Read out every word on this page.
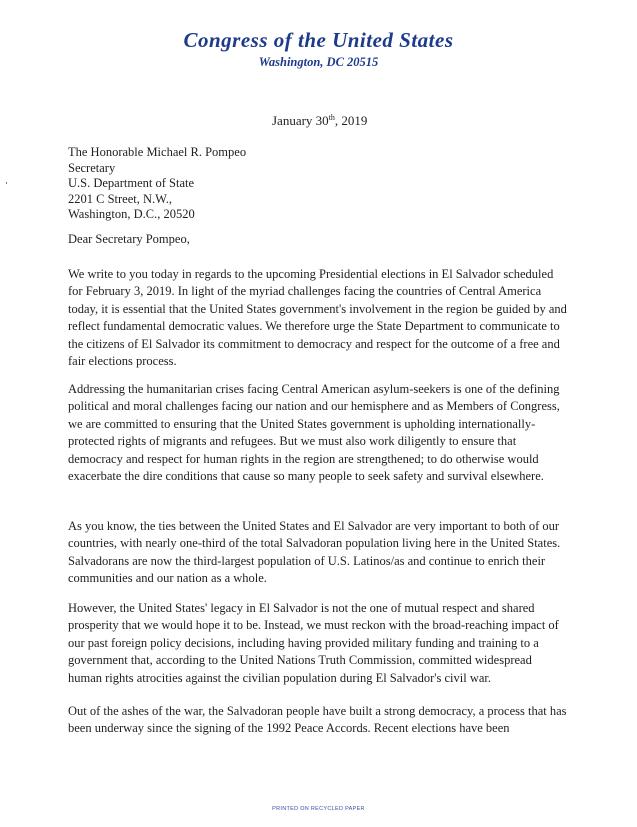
Congress of the United States
Washington, DC 20515
January 30th, 2019
The Honorable Michael R. Pompeo
Secretary
U.S. Department of State
2201 C Street, N.W.,
Washington, D.C., 20520
Dear Secretary Pompeo,

We write to you today in regards to the upcoming Presidential elections in El Salvador scheduled for February 3, 2019. In light of the myriad challenges facing the countries of Central America today, it is essential that the United States government's involvement in the region be guided by and reflect fundamental democratic values. We therefore urge the State Department to communicate to the citizens of El Salvador its commitment to democracy and respect for the outcome of a free and fair elections process.

Addressing the humanitarian crises facing Central American asylum-seekers is one of the defining political and moral challenges facing our nation and our hemisphere and as Members of Congress, we are committed to ensuring that the United States government is upholding internationally-protected rights of migrants and refugees. But we must also work diligently to ensure that democracy and respect for human rights in the region are strengthened; to do otherwise would exacerbate the dire conditions that cause so many people to seek safety and survival elsewhere.

As you know, the ties between the United States and El Salvador are very important to both of our countries, with nearly one-third of the total Salvadoran population living here in the United States. Salvadorans are now the third-largest population of U.S. Latinos/as and continue to enrich their communities and our nation as a whole.

However, the United States' legacy in El Salvador is not the one of mutual respect and shared prosperity that we would hope it to be. Instead, we must reckon with the broad-reaching impact of our past foreign policy decisions, including having provided military funding and training to a government that, according to the United Nations Truth Commission, committed widespread human rights atrocities against the civilian population during El Salvador's civil war.

Out of the ashes of the war, the Salvadoran people have built a strong democracy, a process that has been underway since the signing of the 1992 Peace Accords. Recent elections have been

PRINTED ON RECYCLED PAPER
